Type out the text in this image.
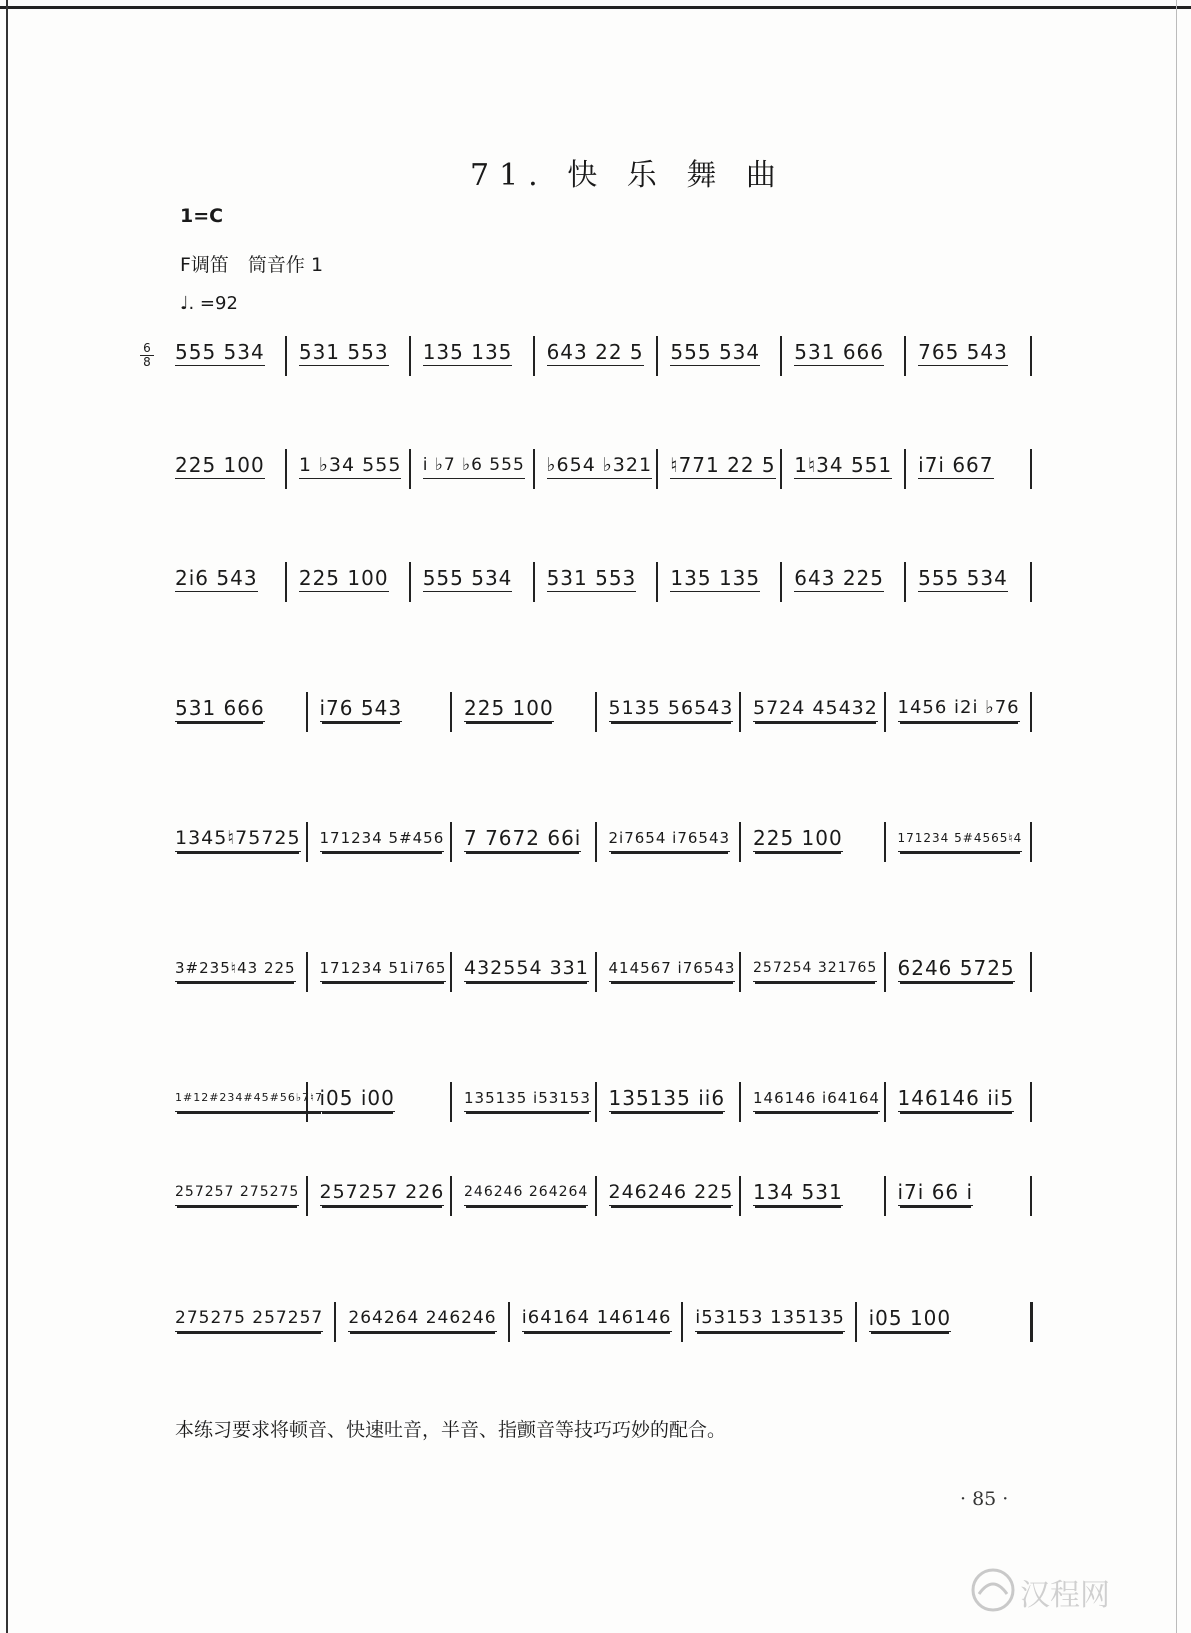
71. 快 乐 舞 曲
1=C
F调笛　筒音作 1
♩. =92
6
8 555 534 531 553 135 135 643 22 5 555 534 531 666 765 543
225 100 1 ♭34 555 i ♭7 ♭6 555 ♭654 ♭321 ♮771 22 5 1♮34 551 i7i 667
2i6 543 225 100 555 534 531 553 135 135 643 225 555 534
531 666	i76 543	225 100	5135 56543 5724 45432 1456 i2i ♭76
1345♮75725 171234 5#456 7 7672 66i 2i7654 i76543 225 100	171234 5#4565♮4
3#235♮43 225 171234 51i765 432554 331 414567 i76543 257254 321765 6246 5725
1#12#234#45#56♭7♮7
i05 i00	135135 i53153 135135 ii6 146146 i64164 146146 ii5
257257 275275 257257 226 246246 264264 246246 225 134 531	i7i 66 i
275275 257257 264264 246246 i64164 146146 i53153 135135 i05 100
本练习要求将顿音、快速吐音，半音、指颤音等技巧巧妙的配合。
· 85 ·
汉程网
